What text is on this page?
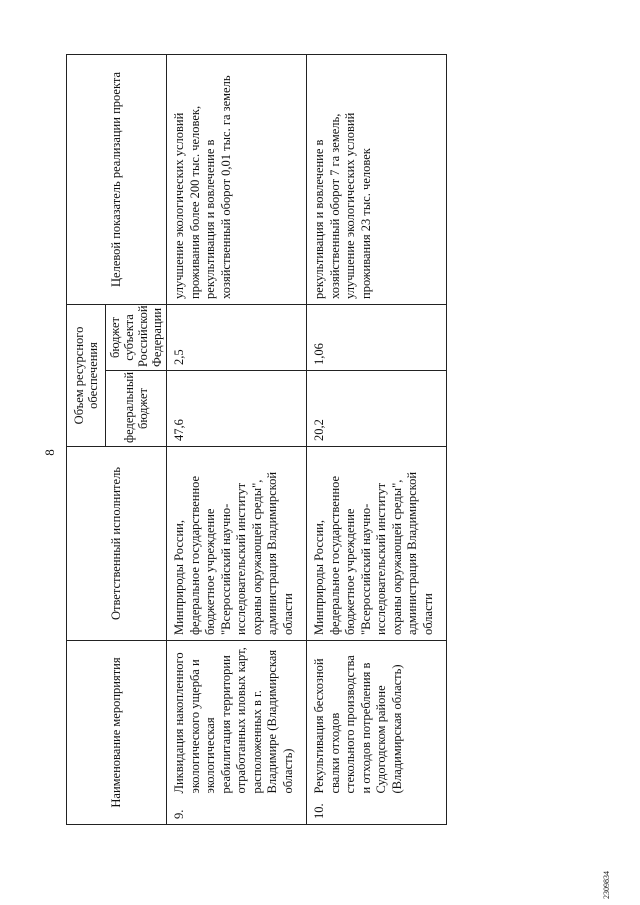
8
Наименование мероприятия		Ответственный исполнитель	Объем ресурсного обеспечения		Целевой показатель реализации проекта
			федеральный бюджет	бюджет субъекта Российской Федерации	
9.	Ликвидация накопленного экологического ущерба и экологическая реабилитация территории отработанных иловых карт, расположенных в г. Владимире (Владимирская область)	Минприроды России, федеральное государственное бюджетное учреждение "Всероссийский научно-исследовательский институт охраны окружающей среды", администрация Владимирской области	47,6	2,5	улучшение экологических условий проживания более 200 тыс. человек, рекультивация и вовлечение в хозяйственный оборот 0,01 тыс. га земель
10.	Рекультивация бесхозной свалки отходов стекольного производства и отходов потребления в Судогодском районе (Владимирская область)	Минприроды России, федеральное государственное бюджетное учреждение "Всероссийский научно-исследовательский институт охраны окружающей среды", администрация Владимирской области	20,2	1,06	рекультивация и вовлечение в хозяйственный оборот 7 га земель, улучшение экологических условий проживания 23 тыс. человек
2309834
